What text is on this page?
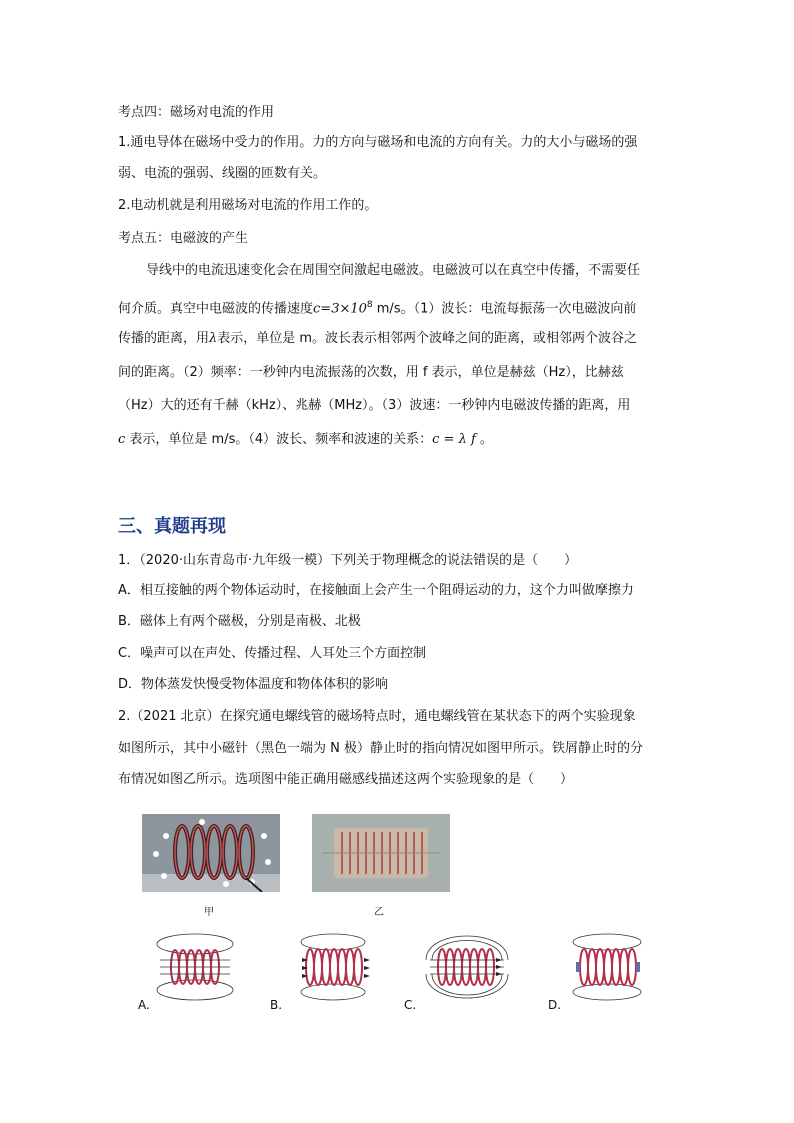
考点四：磁场对电流的作用
1.通电导体在磁场中受力的作用。力的方向与磁场和电流的方向有关。力的大小与磁场的强
弱、电流的强弱、线圈的匝数有关。
2.电动机就是利用磁场对电流的作用工作的。
考点五：电磁波的产生
导线中的电流迅速变化会在周围空间激起电磁波。电磁波可以在真空中传播，不需要任
何介质。真空中电磁波的传播速度$c=3\times 10^8$ m/s。（1）波长：电流每振荡一次电磁波向前
传播的距离，用λ表示，单位是 m。波长表示相邻两个波峰之间的距离，或相邻两个波谷之
间的距离。（2）频率：一秒钟内电流振荡的次数，用 f 表示，单位是赫兹（Hz），比赫兹
（Hz）大的还有千赫（kHz）、兆赫（MHz）。（3）波速：一秒钟内电磁波传播的距离，用
c 表示，单位是 m/s。（4）波长、频率和波速的关系：c = λ f 。
三、真题再现
1．（2020·山东青岛市·九年级一模）下列关于物理概念的说法错误的是（　　）
A．相互接触的两个物体运动时，在接触面上会产生一个阻碍运动的力，这个力叫做摩擦力
B．磁体上有两个磁极，分别是南极、北极
C．噪声可以在声处、传播过程、人耳处三个方面控制
D．物体蒸发快慢受物体温度和物体体积的影响
2.（2021 北京）在探究通电螺线管的磁场特点时，通电螺线管在某状态下的两个实验现象
如图所示，其中小磁针（黑色一端为 N 极）静止时的指向情况如图甲所示。铁屑静止时的分
布情况如图乙所示。选项图中能正确用磁感线描述这两个实验现象的是（　　）
甲	乙
A.	B.	C.	D.
